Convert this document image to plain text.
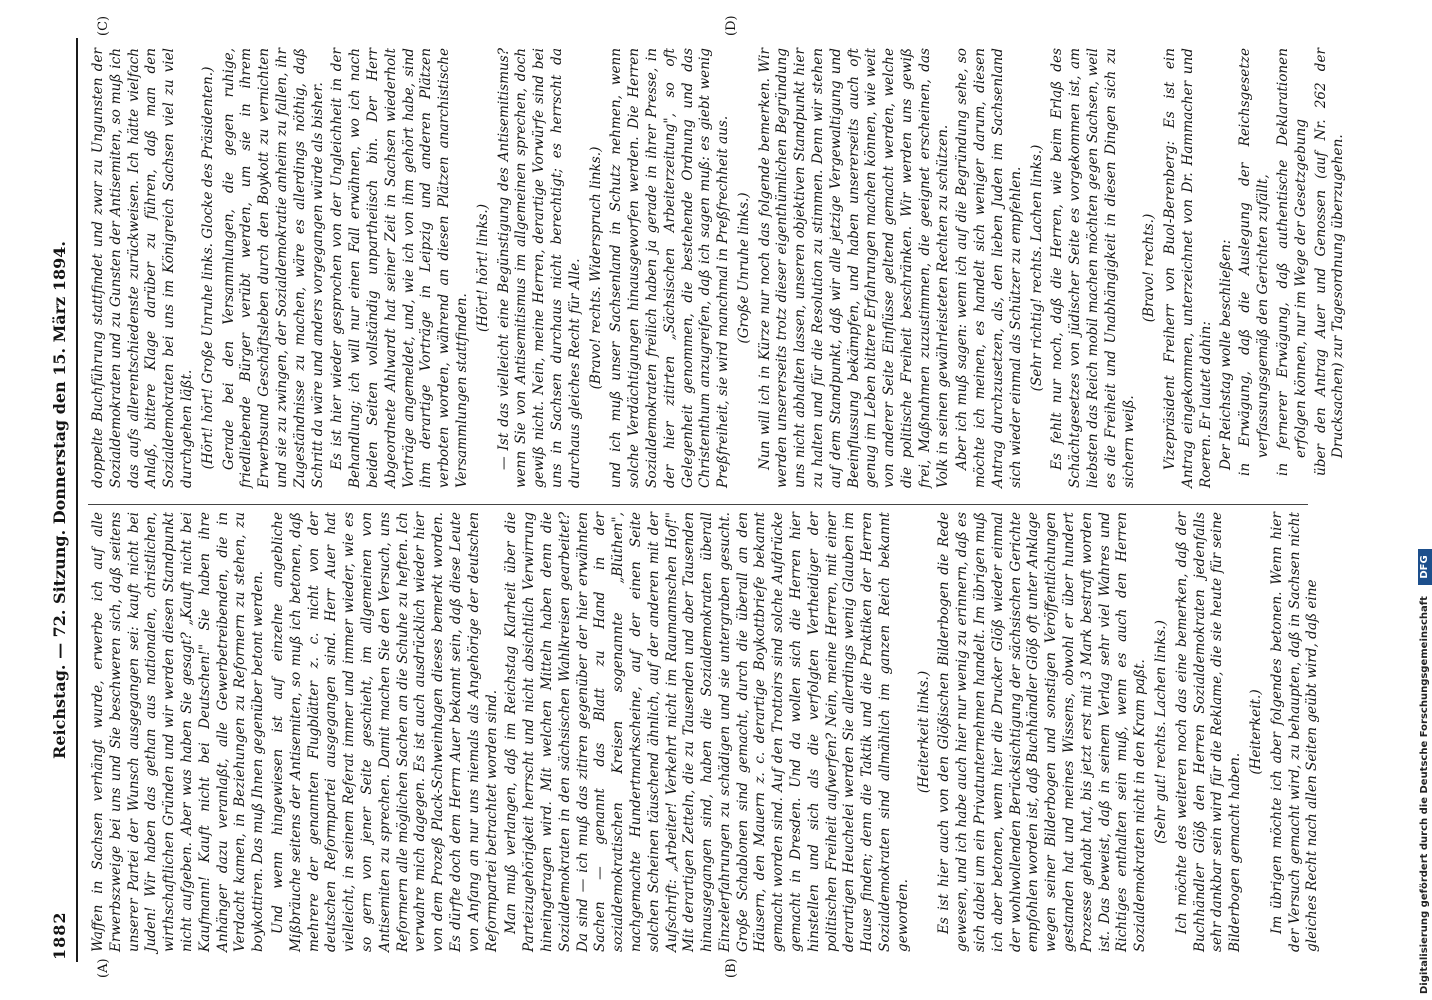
1882
Reichstag. — 72. Sitzung. Donnerstag den 15. März 1894.
(A)	(B)
(C)	(D)

Waffen in Sachsen verhängt wurde, erwerbe ich auf alle Erwerbszweige bei uns und Sie beschweren sich, daß seitens unserer Partei der Wunsch ausgegangen sei: kauft nicht bei Juden! Wir haben das gethan aus nationalen, christlichen, wirthschaftlichen Gründen und wir werden diesen Standpunkt nicht aufgeben. Aber was haben Sie gesagt? „Kauft nicht bei Kaufmann! Kauft nicht bei Deutschen!" Sie haben ihre Anhänger dazu veranlaßt, alle Gewerbetreibenden, die in Verdacht kamen, in Beziehungen zu Reformern zu stehen, zu boykottiren. Das muß Ihnen gegenüber betont werden. Und wenn hingewiesen ist auf einzelne angebliche Mißbräuche seitens der Antisemiten, so muß ich betonen, daß mehrere der genannten Flugblätter z. c. nicht von der deutschen Reformpartei ausgegangen sind. Herr Auer hat vielleicht, in seinem Referat immer und immer wieder, wie es so gern von jener Seite geschieht, im allgemeinen von Antisemiten zu sprechen. Damit machen Sie den Versuch, uns Reformern alle möglichen Sachen an die Schuhe zu heften. Ich verwahre mich dagegen. Es ist auch ausdrücklich wieder hier von dem Prozeß Plack-Schweinhagen dieses bemerkt worden. Es dürfte doch dem Herrn Auer bekannt sein, daß diese Leute von Anfang an nur uns niemals als Angehörige der deutschen Reformpartei betrachtet worden sind. Man muß verlangen, daß im Reichstag Klarheit über die Parteizugehörigkeit herrscht und nicht absichtlich Verwirrung hineingetragen wird. Mit welchen Mitteln haben denn die Sozialdemokraten in den sächsischen Wahlkreisen gearbeitet? Da sind — ich muß das zitiren gegenüber der hier erwähnten Sachen — genannt das Blatt zu Hand in der sozialdemokratischen Kreisen sogenannte „Blüthen", nachgemachte Hundertmarkscheine, auf der einen Seite solchen Scheinen täuschend ähnlich, auf der anderen mit der Aufschrift: „Arbeiter! Verkehrt nicht im Raumannschen Hof!" Mit derartigen Zetteln, die zu Tausenden und aber Tausenden hinausgegangen sind, haben die Sozialdemokraten überall Einzelerfahrungen zu schädigen und sie untergraben gesucht. Große Schablonen sind gemacht, durch die überall an den Häusern, den Mauern z. c. derartige Boykottbriefe bekannt gemacht worden sind. Auf den Trottoirs sind solche Aufdrücke gemacht in Dresden. Und da wollen sich die Herren hier hinstellen und sich als die verfolgten Vertheidiger der politischen Freiheit aufwerfen? Nein, meine Herren, mit einer derartigen Heuchelei werden Sie allerdings wenig Glauben im Hause finden; denn die Taktik und die Praktiken der Herren Sozialdemokraten sind allmählich im ganzen Reich bekannt geworden.

(Heiterkeit links.) Es ist hier auch von den Glößischen Bilderbogen die Rede gewesen, und ich habe auch hier nur wenig zu erinnern, daß es sich dabei um ein Privatunternehmen handelt. Im übrigen muß ich aber betonen, wenn hier die Drucker Glöß wieder einmal der wohlwollenden Berücksichtigung der sächsischen Gerichte empfohlen worden ist, daß Buchhändler Glöß oft unter Anklage wegen seiner Bilderbogen und sonstigen Veröffentlichungen gestanden hat und meines Wissens, obwohl er über hundert Prozesse gehabt hat, bis jetzt erst mit 3 Mark bestraft worden ist. Das beweist, daß in seinem Verlag sehr viel Wahres und Richtiges enthalten sein muß, wenn es auch den Herren Sozialdemokraten nicht in den Kram paßt. (Sehr gut! rechts. Lachen links.) Ich möchte des weiteren noch das eine bemerken, daß der Buchhändler Glöß den Herren Sozialdemokraten jedenfalls sehr dankbar sein wird für die Reklame, die sie heute für seine Bilderbogen gemacht haben.

(Heiterkeit.) Im übrigen möchte ich aber folgendes betonen. Wenn hier der Versuch gemacht wird, zu behaupten, daß in Sachsen nicht gleiches Recht nach allen Seiten geübt wird, daß eine

doppelte Buchführung stattfindet und zwar zu Ungunsten der Sozialdemokraten und zu Gunsten der Antisemiten, so muß ich das aufs allerentschiedenste zurückweisen. Ich hätte vielfach Anlaß, bittere Klage darüber zu führen, daß man den Sozialdemokraten bei uns im Königreich Sachsen viel zu viel durchgehen läßt. (Hört! hört! Große Unruhe links. Glocke des Präsidenten.) Gerade bei den Versammlungen, die gegen ruhige, friedliebende Bürger verübt werden, um sie in ihrem Erwerbsund Geschäftsleben durch den Boykott zu vernichten und sie zu zwingen, der Sozialdemokratie anheim zu fallen, ihr Zugeständnisse zu machen, wäre es allerdings nöthig, daß Schritt da wäre und anders vorgegangen würde als bisher. Es ist hier wieder gesprochen von der Ungleichheit in der Behandlung; ich will nur einen Fall erwähnen, wo ich nach beiden Seiten vollständig unpartheiisch bin. Der Herr Abgeordnete Ahlwardt hat seiner Zeit in Sachsen wiederholt Vorträge angemeldet, und, wie ich von ihm gehört habe, sind ihm derartige Vorträge in Leipzig und anderen Plätzen verboten worden, während an diesen Plätzen anarchistische Versammlungen stattfinden.

(Hört! hört! links.) — Ist das vielleicht eine Begünstigung des Antisemitismus? wenn Sie von Antisemitismus im allgemeinen sprechen, doch gewiß nicht. Nein, meine Herren, derartige Vorwürfe sind bei uns in Sachsen durchaus nicht berechtigt; es herrscht da durchaus gleiches Recht für Alle. (Bravo! rechts. Widerspruch links.) und ich muß unser Sachsenland in Schutz nehmen, wenn solche Verdächtigungen hinausgeworfen werden. Die Herren Sozialdemokraten freilich haben ja gerade in ihrer Presse, in der hier zitirten „Sächsischen Arbeiterzeitung", so oft Gelegenheit genommen, die bestehende Ordnung und das Christenthum anzugreifen, daß ich sagen muß: es giebt wenig Preßfreiheit, sie wird manchmal in Preßfrechheit aus. (Große Unruhe links.) Nun will ich in Kürze nur noch das folgende bemerken. Wir werden unsererseits trotz dieser eigenthümlichen Begründung uns nicht abhalten lassen, unseren objektiven Standpunkt hier zu halten und für die Resolution zu stimmen. Denn wir stehen auf dem Standpunkt, daß wir alle jetzige Vergewaltigung und Beeinflussung bekämpfen, und haben unsererseits auch oft genug im Leben bittere Erfahrungen machen können, wie weit von anderer Seite Einflüsse geltend gemacht werden, welche die politische Freiheit beschränken. Wir werden uns gewiß frei, Maßnahmen zuzustimmen, die geeignet erscheinen, das Volk in seinen gewährleisteten Rechten zu schützen. Aber ich muß sagen: wenn ich auf die Begründung sehe, so möchte ich meinen, es handelt sich weniger darum, diesen Antrag durchzusetzen, als, den lieben Juden im Sachsenland sich wieder einmal als Schützer zu empfehlen. (Sehr richtig! rechts. Lachen links.) Es fehlt nur noch, daß die Herren, wie beim Erlaß des Schächtgesetzes von jüdischer Seite es vorgekommen ist, am liebsten das Reich mobil machen möchten gegen Sachsen, weil es die Freiheit und Unabhängigkeit in diesen Dingen sich zu sichern weiß.

(Bravo! rechts.) Vizepräsident Freiherr von Buol-Berenberg: Es ist ein Antrag eingekommen, unterzeichnet von Dr. Hammacher und Roeren. Er lautet dahin: Der Reichstag wolle beschließen: in Erwägung, daß die Auslegung der Reichsgesetze verfassungsgemäß den Gerichten zufällt, in fernerer Erwägung, daß authentische Deklarationen erfolgen können, nur im Wege der Gesetzgebung über den Antrag Auer und Genossen (auf Nr. 262 der Drucksachen) zur Tagesordnung überzugehen.

Digitalisierung gefördert durch die Deutsche Forschungsgemeinschaft DFG
